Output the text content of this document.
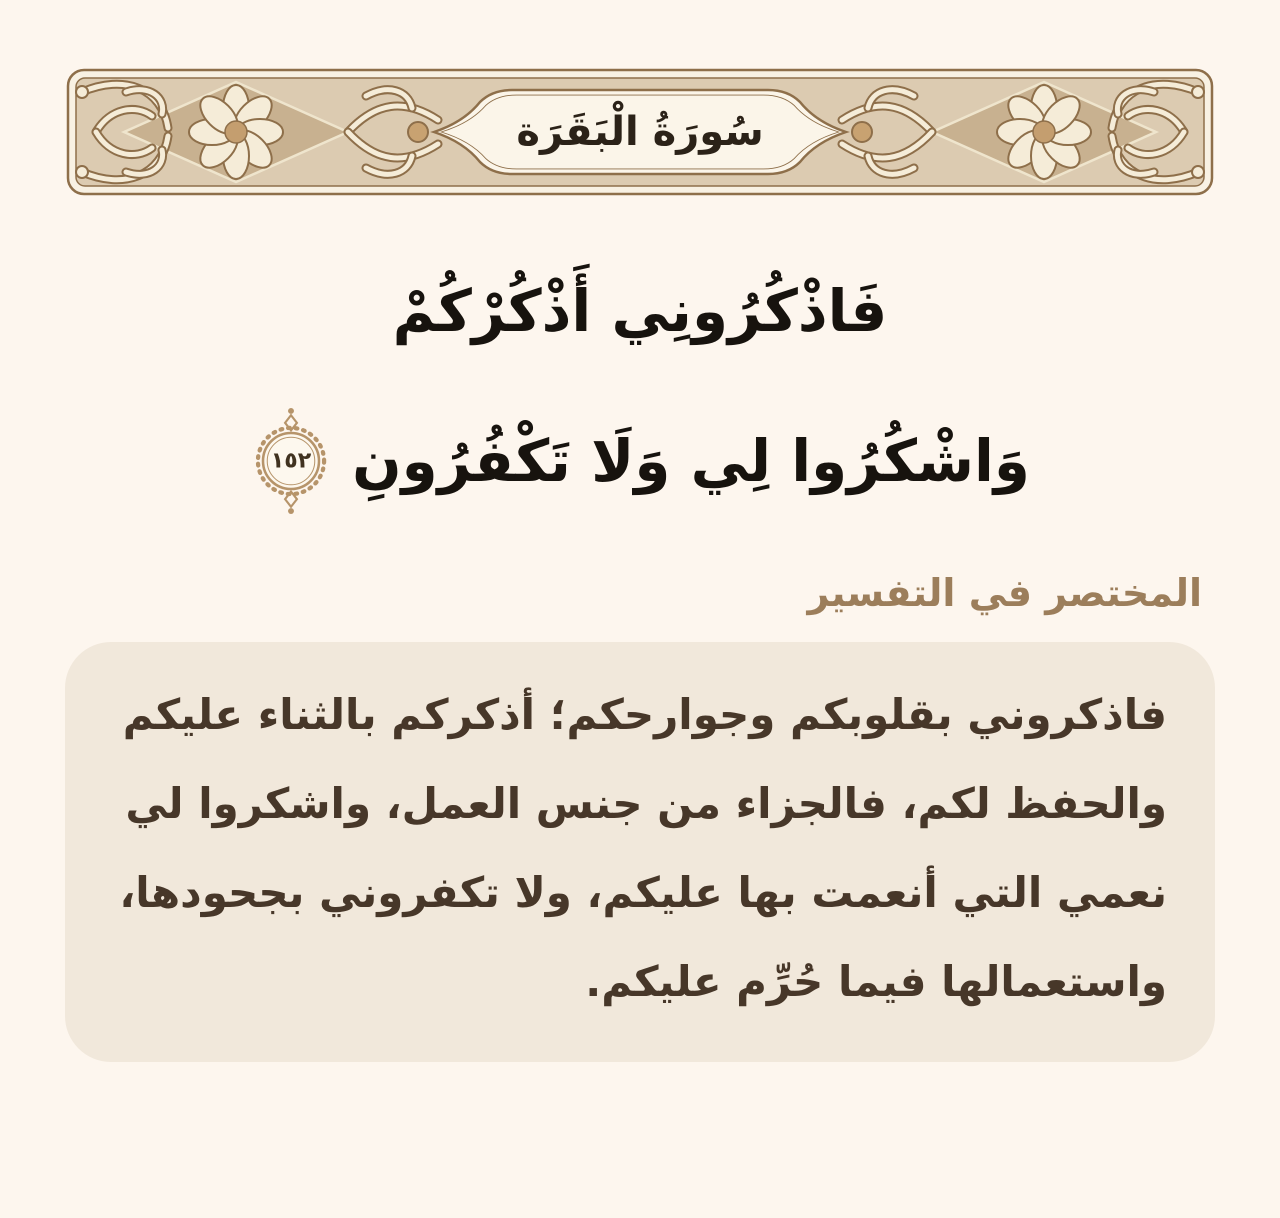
سُورَةُ الْبَقَرَة
فَاذْكُرُونِي أَذْكُرْكُمْ
وَاشْكُرُوا لِي وَلَا تَكْفُرُونِ
١٥٢
المختصر في التفسير
فاذكروني بقلوبكم وجوارحكم؛ أذكركم بالثناء عليكم
والحفظ لكم، فالجزاء من جنس العمل، واشكروا لي
نعمي التي أنعمت بها عليكم، ولا تكفروني بجحودها،
واستعمالها فيما حُرِّم عليكم.
